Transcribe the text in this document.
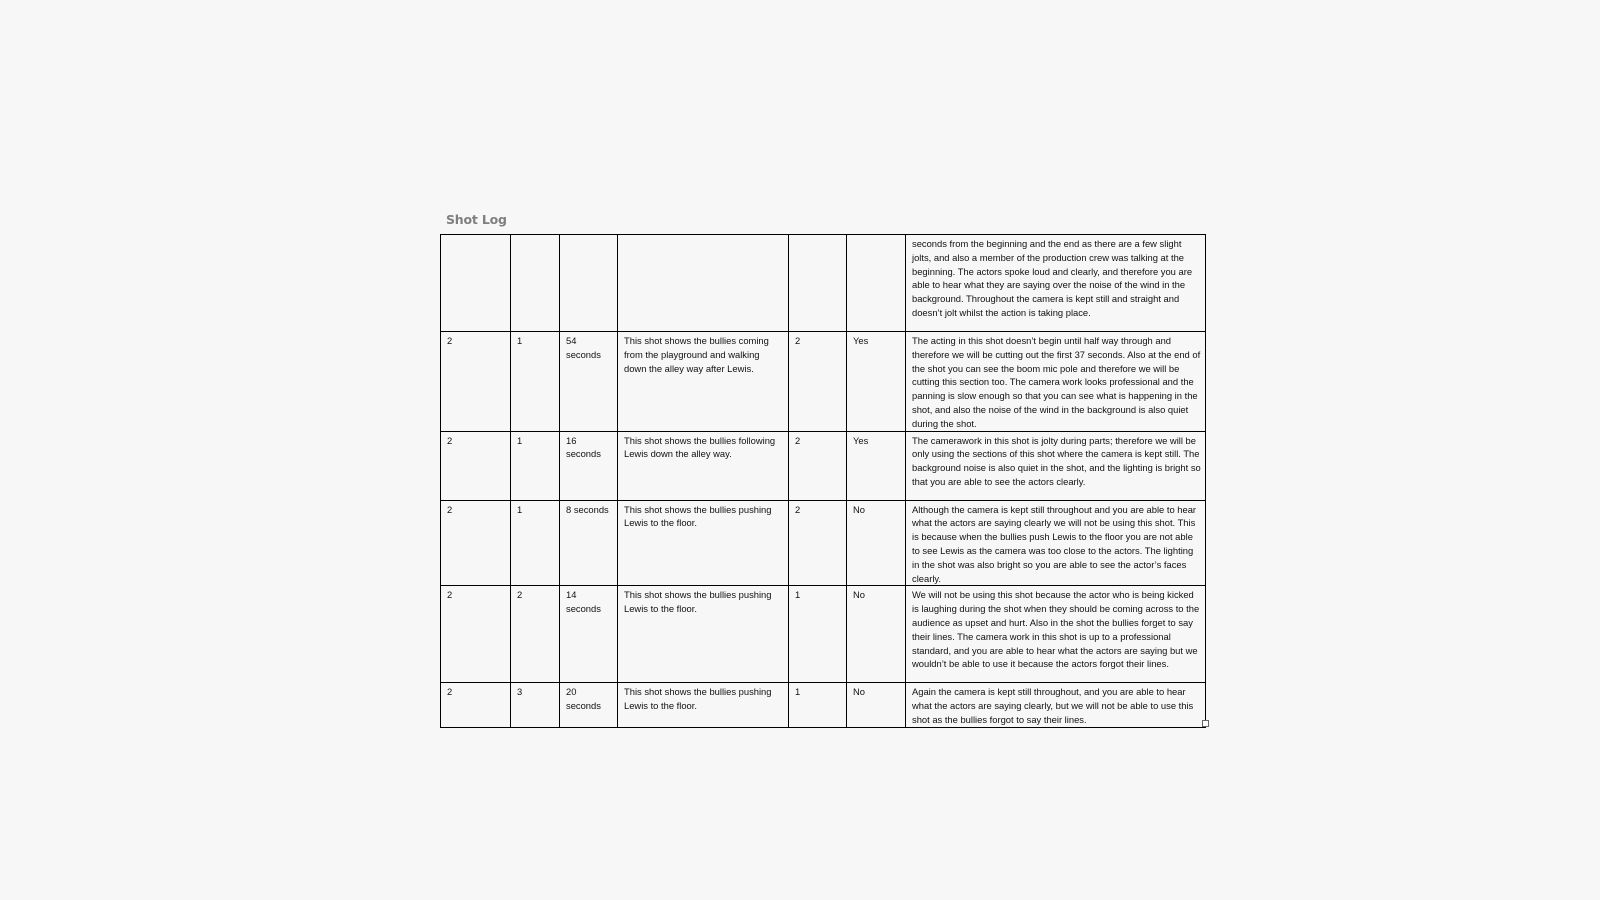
Shot Log
						seconds from the beginning and the end as there are a few slight jolts, and also a member of the production crew was talking at the beginning. The actors spoke loud and clearly, and therefore you are able to hear what they are saying over the noise of the wind in the background. Throughout the camera is kept still and straight and doesn’t jolt whilst the action is taking place.
2	1	54 seconds	This shot shows the bullies coming from the playground and walking down the alley way after Lewis.	2	Yes	The acting in this shot doesn’t begin until half way through and therefore we will be cutting out the first 37 seconds. Also at the end of the shot you can see the boom mic pole and therefore we will be cutting this section too. The camera work looks professional and the panning is slow enough so that you can see what is happening in the shot, and also the noise of the wind in the background is also quiet during the shot.
2	1	16 seconds	This shot shows the bullies following Lewis down the alley way.	2	Yes	The camerawork in this shot is jolty during parts; therefore we will be only using the sections of this shot where the camera is kept still. The background noise is also quiet in the shot, and the lighting is bright so that you are able to see the actors clearly.
2	1	8 seconds	This shot shows the bullies pushing Lewis to the floor.	2	No	Although the camera is kept still throughout and you are able to hear what the actors are saying clearly we will not be using this shot. This is because when the bullies push Lewis to the floor you are not able to see Lewis as the camera was too close to the actors. The lighting in the shot was also bright so you are able to see the actor’s faces clearly.
2	2	14 seconds	This shot shows the bullies pushing Lewis to the floor.	1	No	We will not be using this shot because the actor who is being kicked is laughing during the shot when they should be coming across to the audience as upset and hurt. Also in the shot the bullies forget to say their lines. The camera work in this shot is up to a professional standard, and you are able to hear what the actors are saying but we wouldn’t be able to use it because the actors forgot their lines.
2	3	20 seconds	This shot shows the bullies pushing Lewis to the floor.	1	No	Again the camera is kept still throughout, and you are able to hear what the actors are saying clearly, but we will not be able to use this shot as the bullies forgot to say their lines.
